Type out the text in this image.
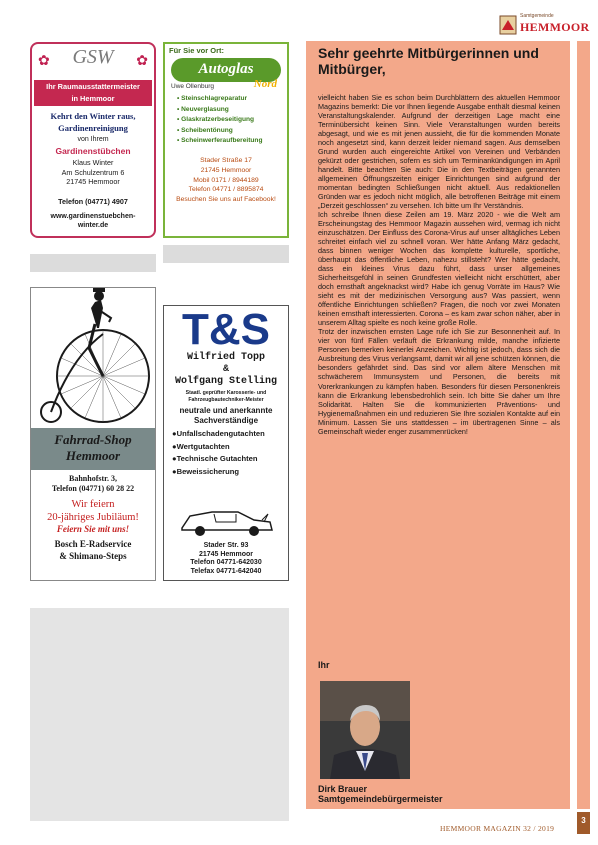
Samtgemeinde
HEMMOOR
✿	✿
GSW
Ihr Raumausstattermeister
in Hemmoor
Kehrt den Winter raus,
Gardinenreinigung
von Ihrem
Gardinenstübchen
Klaus Winter
Am Schulzentrum 6
21745 Hemmoor
Telefon (04771) 4907
www.gardinenstuebchen-
winter.de
Für Sie vor Ort:
Autoglas
Nord
Uwe Ollenburg
• Steinschlagreparatur
• Neuverglasung
• Glaskratzerbeseitigung
• Scheibentönung
• Scheinwerferaufbereitung
Stader Straße 17
21745 Hemmoor
Mobil 0171 / 8944189
Telefon 04771 / 8895874
Besuchen Sie uns auf Facebook!
Fahrrad-Shop
Hemmoor
Bahnhofstr. 3,
Telefon (04771) 60 28 22
Wir feiern
20-jähriges Jubiläum!
Feiern Sie mit uns!
Bosch E-Radservice
& Shimano-Steps
T&S
Wilfried Topp
&
Wolfgang Stelling
Staatl. geprüfter Karosserie- und
Fahrzeugbautechniker-Meister
neutrale und anerkannte
Sachverständige
● Unfallschadengutachten
● Wertgutachten
● Technische Gutachten
● Beweissicherung
Stader Str. 93
21745 Hemmoor
Telefon 04771-642030
Telefax 04771-642040
Sehr geehrte Mitbürgerinnen und Mitbürger,

vielleicht haben Sie es schon beim Durchblättern des aktuellen Hemmoor Magazins bemerkt: Die vor Ihnen liegende Ausgabe enthält diesmal keinen Veranstaltungskalender. Aufgrund der derzeitigen Lage macht eine Terminübersicht keinen Sinn. Viele Veranstaltungen wurden bereits abgesagt, und wie es mit jenen aussieht, die für die kommenden Monate noch angesetzt sind, kann derzeit leider niemand sagen. Aus demselben Grund wurden auch eingereichte Artikel von Vereinen und Verbänden gekürzt oder gestrichen, sofern es sich um Terminankündigungen im April handelt. Bitte beachten Sie auch: Die in den Textbeiträgen genannten allgemeinen Öffnungszeiten einiger Einrichtungen sind aufgrund der momentan bedingten Schließungen nicht aktuell. Aus redaktionellen Gründen war es jedoch nicht möglich, alle betroffenen Beiträge mit einem „Derzeit geschlossen“ zu versehen. Ich bitte um Ihr Verständnis.

Ich schreibe Ihnen diese Zeilen am 19. März 2020 - wie die Welt am Erscheinungstag des Hemmoor Magazin aussehen wird, vermag ich nicht einzuschätzen. Der Einfluss des Corona-Virus auf unser alltägliches Leben schreitet einfach viel zu schnell voran. Wer hätte Anfang März gedacht, dass binnen weniger Wochen das komplette kulturelle, sportliche, überhaupt das öffentliche Leben, nahezu stillsteht? Wer hätte gedacht, dass ein kleines Virus dazu führt, dass unser allgemeines Sicherheitsgefühl in seinen Grundfesten vielleicht nicht erschüttert, aber doch ernsthaft angeknackst wird? Habe ich genug Vorräte im Haus? Wie sieht es mit der medizinischen Versorgung aus? Was passiert, wenn öffentliche Einrichtungen schließen? Fragen, die noch vor zwei Monaten keinen ernsthaft interessierten. Corona – es kam zwar schon näher, aber in unserem Alltag spielte es noch keine große Rolle.

Trotz der inzwischen ernsten Lage rufe ich Sie zur Besonnenheit auf. In vier von fünf Fällen verläuft die Erkrankung milde, manche infizierte Personen bemerken keinerlei Anzeichen. Wichtig ist jedoch, dass sich die Ausbreitung des Virus verlangsamt, damit wir all jene schützen können, die besonders gefährdet sind. Das sind vor allem ältere Menschen mit schwächerem Immunsystem und Personen, die bereits mit Vorerkrankungen zu kämpfen haben. Besonders für diesen Personenkreis kann die Erkrankung lebensbedrohlich sein. Ich bitte Sie daher um Ihre Solidarität. Halten Sie die kommunizierten Präventions- und Hygienemaßnahmen ein und reduzieren Sie Ihre sozialen Kontakte auf ein Minimum. Lassen Sie uns stattdessen – im übertragenen Sinne – als Gemeinschaft wieder enger zusammenrücken!

Ihr
Dirk Brauer
Samtgemeindebürgermeister
3
HEMMOOR MAGAZIN 32 / 2019
